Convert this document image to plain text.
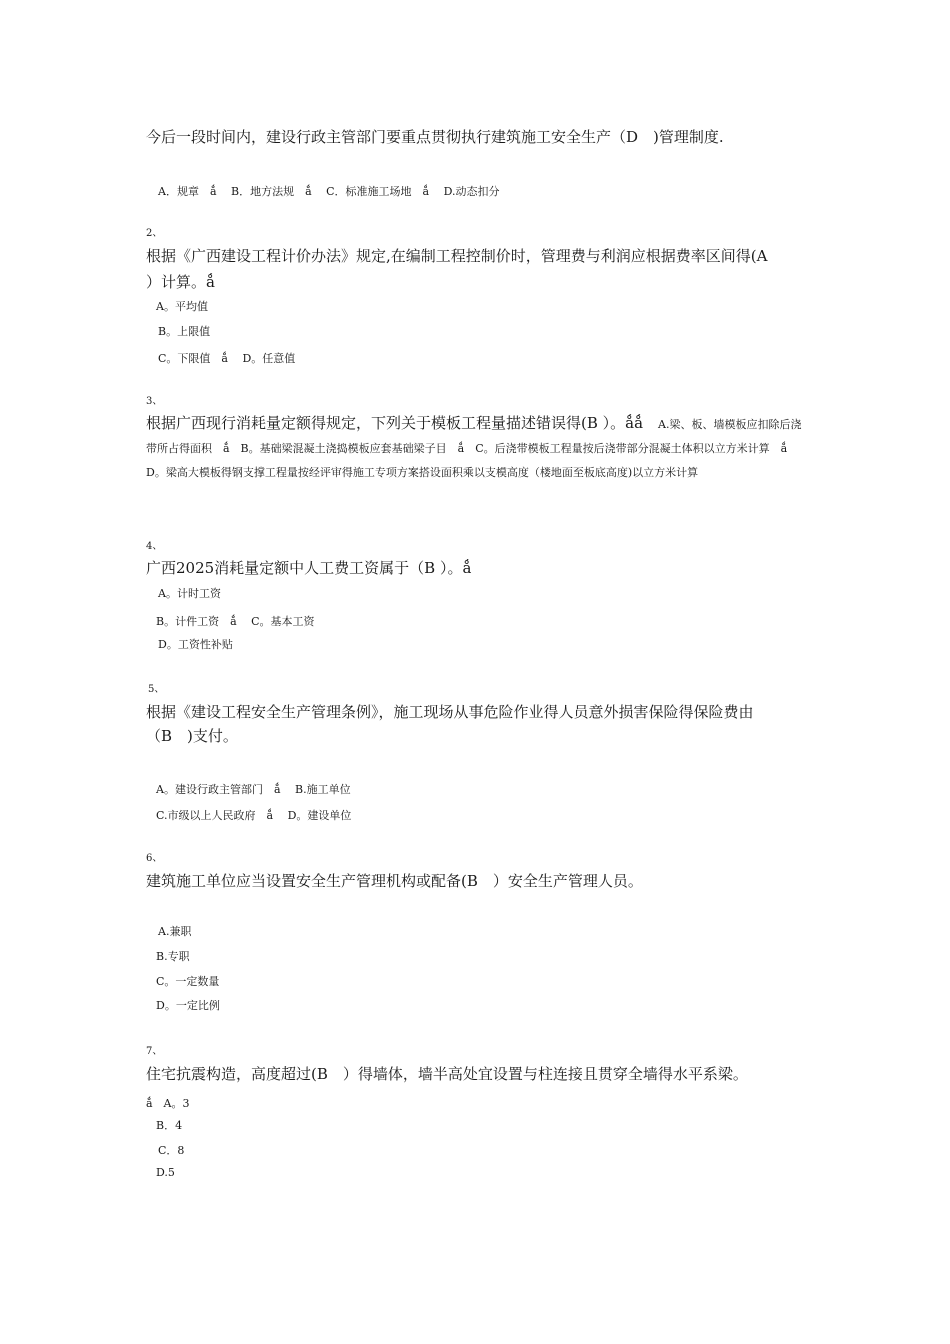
今后一段时间内，建设行政主管部门要重点贯彻执行建筑施工安全生产（D　)管理制度.
A．规章　ǻ　 B．地方法规　ǻ　 C．标准施工场地　ǻ　 D.动态扣分
2、
根据《广西建设工程计价办法》规定,在编制工程控制价时，管理费与利润应根据费率区间得(A
）计算。ǻ
A。平均值
B。上限值
C。下限值　ǻ　 D。任意值
3、
根据广西现行消耗量定额得规定，下列关于模板工程量描述错误得(B ）。ǻǻ　A.梁、板、墙模板应扣除后浇带所占得面积　ǻ　B。基础梁混凝土浇捣模板应套基础梁子目　ǻ　C。后浇带模板工程量按后浇带部分混凝土体积以立方米计算　ǻ　D。梁高大模板得钢支撑工程量按经评审得施工专项方案搭设面积乘以支模高度（楼地面至板底高度)以立方米计算
4、
广西2025消耗量定额中人工费工资属于（B ）。ǻ
A。计时工资
B。计件工资　ǻ　 C。基本工资
D。工资性补贴
5、
根据《建设工程安全生产管理条例》，施工现场从事危险作业得人员意外损害保险得保险费由
（B　)支付。
A。建设行政主管部门　ǻ　 B.施工单位
C.市级以上人民政府　ǻ　 D。建设单位
6、
建筑施工单位应当设置安全生产管理机构或配备(B　）安全生产管理人员。
A.兼职
B.专职
C。一定数量
D。一定比例
7、
住宅抗震构造，高度超过(B　）得墙体，墙半高处宜设置与柱连接且贯穿全墙得水平系梁。
ǻ　A。3
B．4
C．8
D.5
